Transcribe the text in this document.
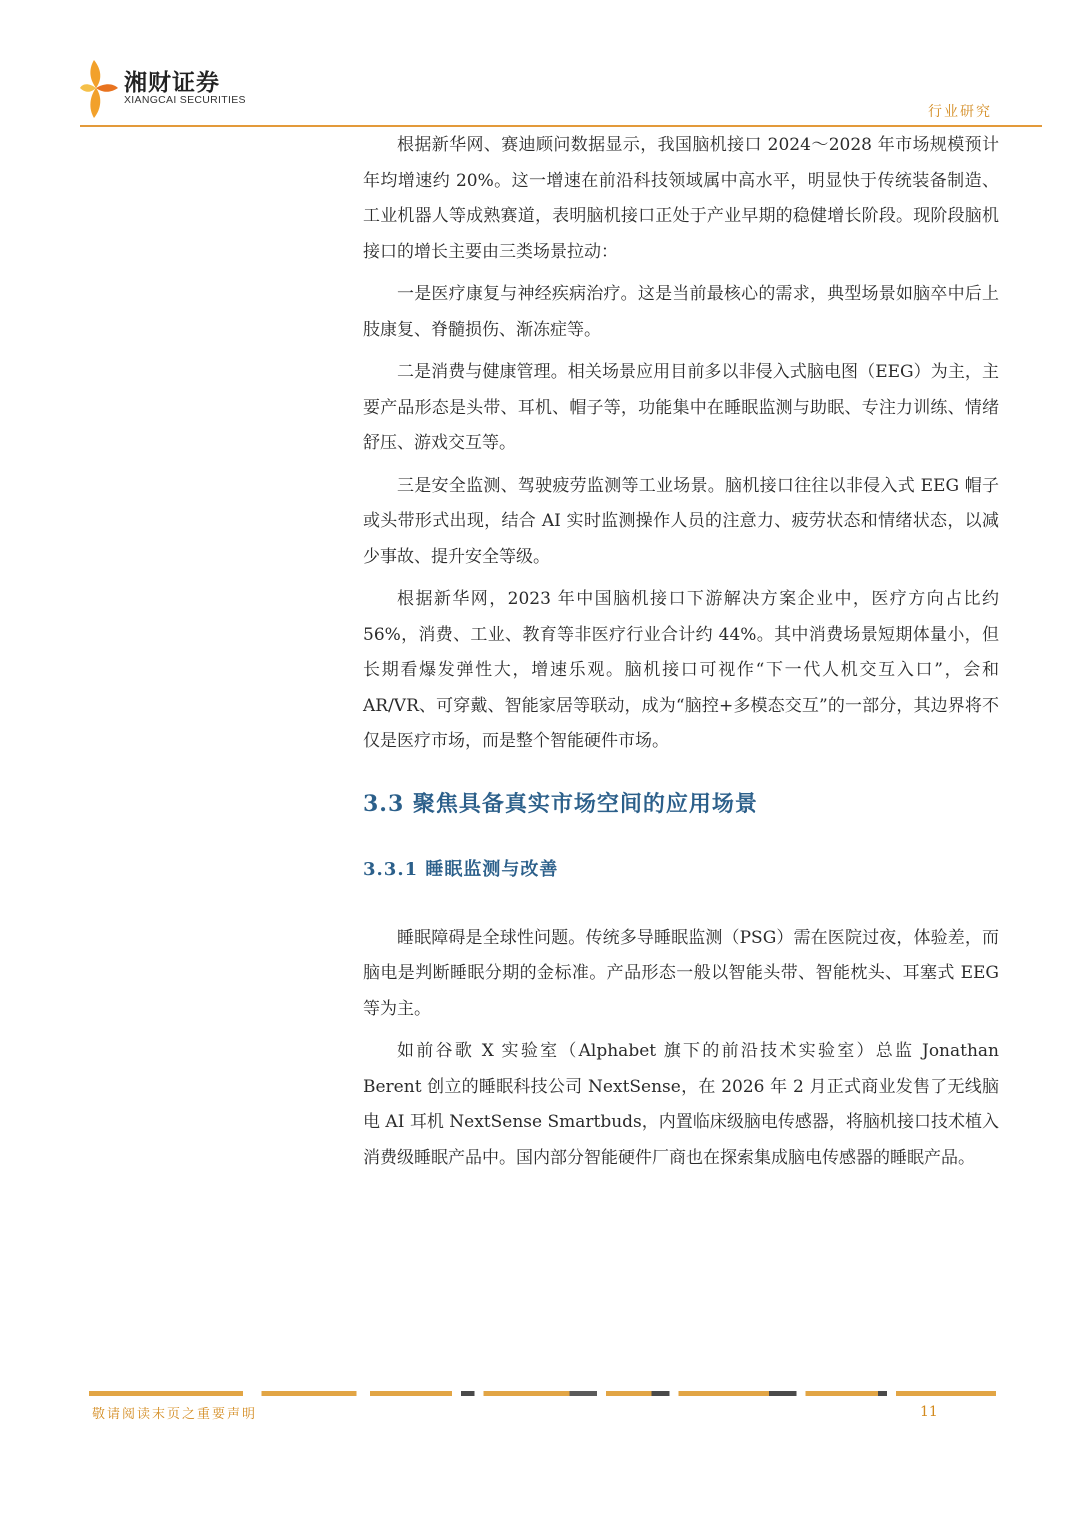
湘财证券
XIANGCAI SECURITIES
行业研究

根据新华网、赛迪顾问数据显示，我国脑机接口 2024～2028 年市场规模预计年均增速约 20%。这一增速在前沿科技领域属中高水平，明显快于传统装备制造、工业机器人等成熟赛道，表明脑机接口正处于产业早期的稳健增长阶段。现阶段脑机接口的增长主要由三类场景拉动：

一是医疗康复与神经疾病治疗。这是当前最核心的需求，典型场景如脑卒中后上肢康复、脊髓损伤、渐冻症等。

二是消费与健康管理。相关场景应用目前多以非侵入式脑电图（EEG）为主，主要产品形态是头带、耳机、帽子等，功能集中在睡眠监测与助眠、专注力训练、情绪舒压、游戏交互等。

三是安全监测、驾驶疲劳监测等工业场景。脑机接口往往以非侵入式 EEG 帽子或头带形式出现，结合 AI 实时监测操作人员的注意力、疲劳状态和情绪状态，以减少事故、提升安全等级。

根据新华网，2023 年中国脑机接口下游解决方案企业中，医疗方向占比约 56%，消费、工业、教育等非医疗行业合计约 44%。其中消费场景短期体量小，但长期看爆发弹性大，增速乐观。脑机接口可视作“下一代人机交互入口”，会和 AR/VR、可穿戴、智能家居等联动，成为“脑控+多模态交互”的一部分，其边界将不仅是医疗市场，而是整个智能硬件市场。

3.3 聚焦具备真实市场空间的应用场景
3.3.1 睡眠监测与改善

睡眠障碍是全球性问题。传统多导睡眠监测（PSG）需在医院过夜，体验差，而脑电是判断睡眠分期的金标准。产品形态一般以智能头带、智能枕头、耳塞式 EEG 等为主。

如前谷歌 X 实验室（Alphabet 旗下的前沿技术实验室）总监 Jonathan Berent 创立的睡眠科技公司 NextSense，在 2026 年 2 月正式商业发售了无线脑电 AI 耳机 NextSense Smartbuds，内置临床级脑电传感器，将脑机接口技术植入消费级睡眠产品中。国内部分智能硬件厂商也在探索集成脑电传感器的睡眠产品。

敬请阅读末页之重要声明	11
